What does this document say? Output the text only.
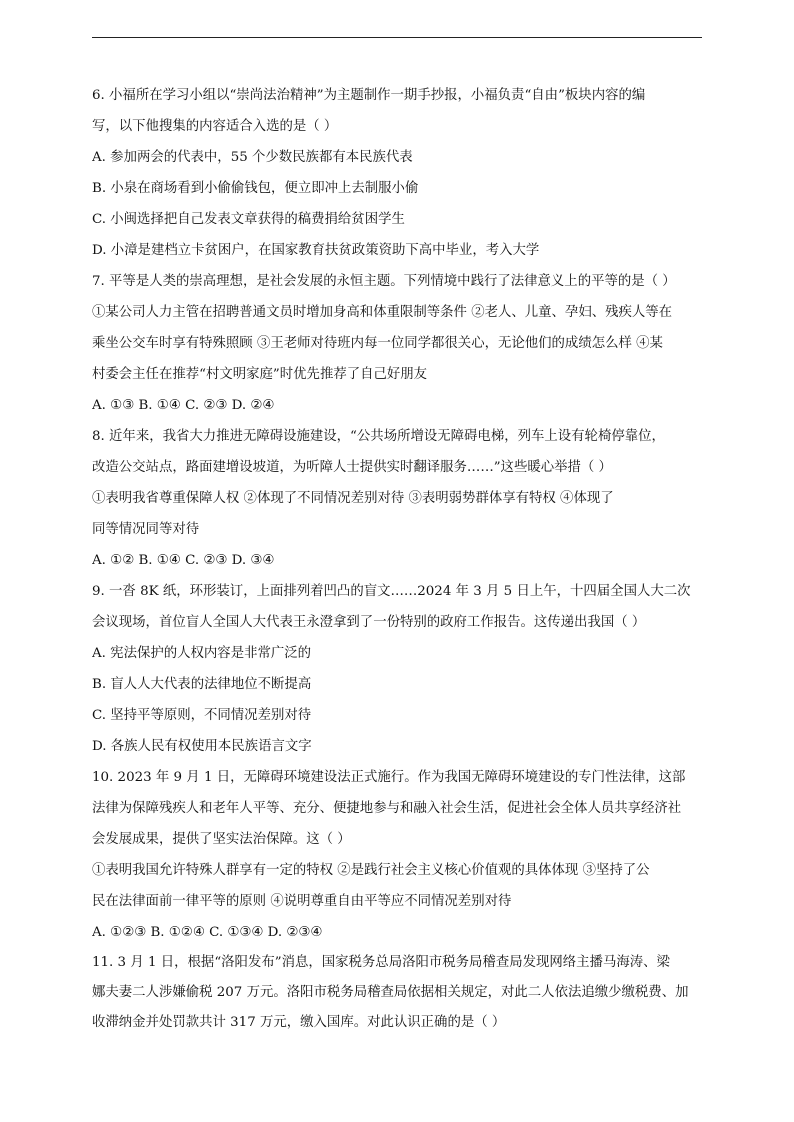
6. 小福所在学习小组以“崇尚法治精神”为主题制作一期手抄报，小福负责“自由”板块内容的编
写，以下他搜集的内容适合入选的是（ ）
A. 参加两会的代表中，55 个少数民族都有本民族代表
B. 小泉在商场看到小偷偷钱包，便立即冲上去制服小偷
C. 小闽选择把自己发表文章获得的稿费捐给贫困学生
D. 小漳是建档立卡贫困户，在国家教育扶贫政策资助下高中毕业，考入大学
7. 平等是人类的崇高理想，是社会发展的永恒主题。下列情境中践行了法律意义上的平等的是（ ）
①某公司人力主管在招聘普通文员时增加身高和体重限制等条件 ②老人、儿童、孕妇、残疾人等在
乘坐公交车时享有特殊照顾 ③王老师对待班内每一位同学都很关心，无论他们的成绩怎么样 ④某
村委会主任在推荐“村文明家庭”时优先推荐了自己好朋友
A. ①③ B. ①④ C. ②③ D. ②④
8. 近年来，我省大力推进无障碍设施建设，“公共场所增设无障碍电梯，列车上设有轮椅停靠位，
改造公交站点，路面建增设坡道，为听障人士提供实时翻译服务……”这些暖心举措（ ）
①表明我省尊重保障人权 ②体现了不同情况差别对待 ③表明弱势群体享有特权 ④体现了
同等情况同等对待
A. ①② B. ①④ C. ②③ D. ③④
9. 一沓 8K 纸，环形装订，上面排列着凹凸的盲文……2024 年 3 月 5 日上午，十四届全国人大二次
会议现场，首位盲人全国人大代表王永澄拿到了一份特别的政府工作报告。这传递出我国（ ）
A. 宪法保护的人权内容是非常广泛的
B. 盲人人大代表的法律地位不断提高
C. 坚持平等原则，不同情况差别对待
D. 各族人民有权使用本民族语言文字
10. 2023 年 9 月 1 日，无障碍环境建设法正式施行。作为我国无障碍环境建设的专门性法律，这部
法律为保障残疾人和老年人平等、充分、便捷地参与和融入社会生活，促进社会全体人员共享经济社
会发展成果，提供了坚实法治保障。这（ ）
①表明我国允许特殊人群享有一定的特权 ②是践行社会主义核心价值观的具体体现 ③坚持了公
民在法律面前一律平等的原则 ④说明尊重自由平等应不同情况差别对待
A. ①②③ B. ①②④ C. ①③④ D. ②③④
11. 3 月 1 日，根据“洛阳发布”消息，国家税务总局洛阳市税务局稽查局发现网络主播马海涛、梁
娜夫妻二人涉嫌偷税 207 万元。洛阳市税务局稽查局依据相关规定，对此二人依法追缴少缴税费、加
收滞纳金并处罚款共计 317 万元，缴入国库。对此认识正确的是（ ）
